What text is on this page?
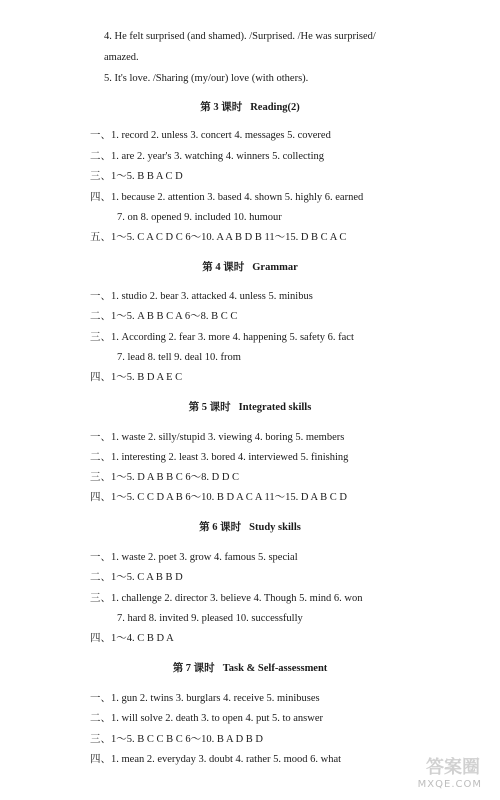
4. He felt surprised (and shamed). /Surprised. /He was surprised/
amazed.
5. It's love. /Sharing (my/our) love (with others).
第 3 课时 Reading(2)
一、1. record 2. unless 3. concert 4. messages 5. covered
二、1. are 2. year's 3. watching 4. winners 5. collecting
三、1～5. B B A C D
四、1. because 2. attention 3. based 4. shown 5. highly 6. earned
7. on 8. opened 9. included 10. humour
五、1～5. C A C D C 6～10. A A B D B 11～15. D B C A C
第 4 课时 Grammar
一、1. studio 2. bear 3. attacked 4. unless 5. minibus
二、1～5. A B B C A 6～8. B C C
三、1. According 2. fear 3. more 4. happening 5. safety 6. fact
7. lead 8. tell 9. deal 10. from
四、1～5. B D A E C
第 5 课时 Integrated skills
一、1. waste 2. silly/stupid 3. viewing 4. boring 5. members
二、1. interesting 2. least 3. bored 4. interviewed 5. finishing
三、1～5. D A B B C 6～8. D D C
四、1～5. C C D A B 6～10. B D A C A 11～15. D A B C D
第 6 课时 Study skills
一、1. waste 2. poet 3. grow 4. famous 5. special
二、1～5. C A B B D
三、1. challenge 2. director 3. believe 4. Though 5. mind 6. won
7. hard 8. invited 9. pleased 10. successfully
四、1～4. C B D A
第 7 课时 Task & Self-assessment
一、1. gun 2. twins 3. burglars 4. receive 5. minibuses
二、1. will solve 2. death 3. to open 4. put 5. to answer
三、1～5. B C C B C 6～10. B A D B D
四、1. mean 2. everyday 3. doubt 4. rather 5. mood 6. what	答案圈
MXQE.COM
